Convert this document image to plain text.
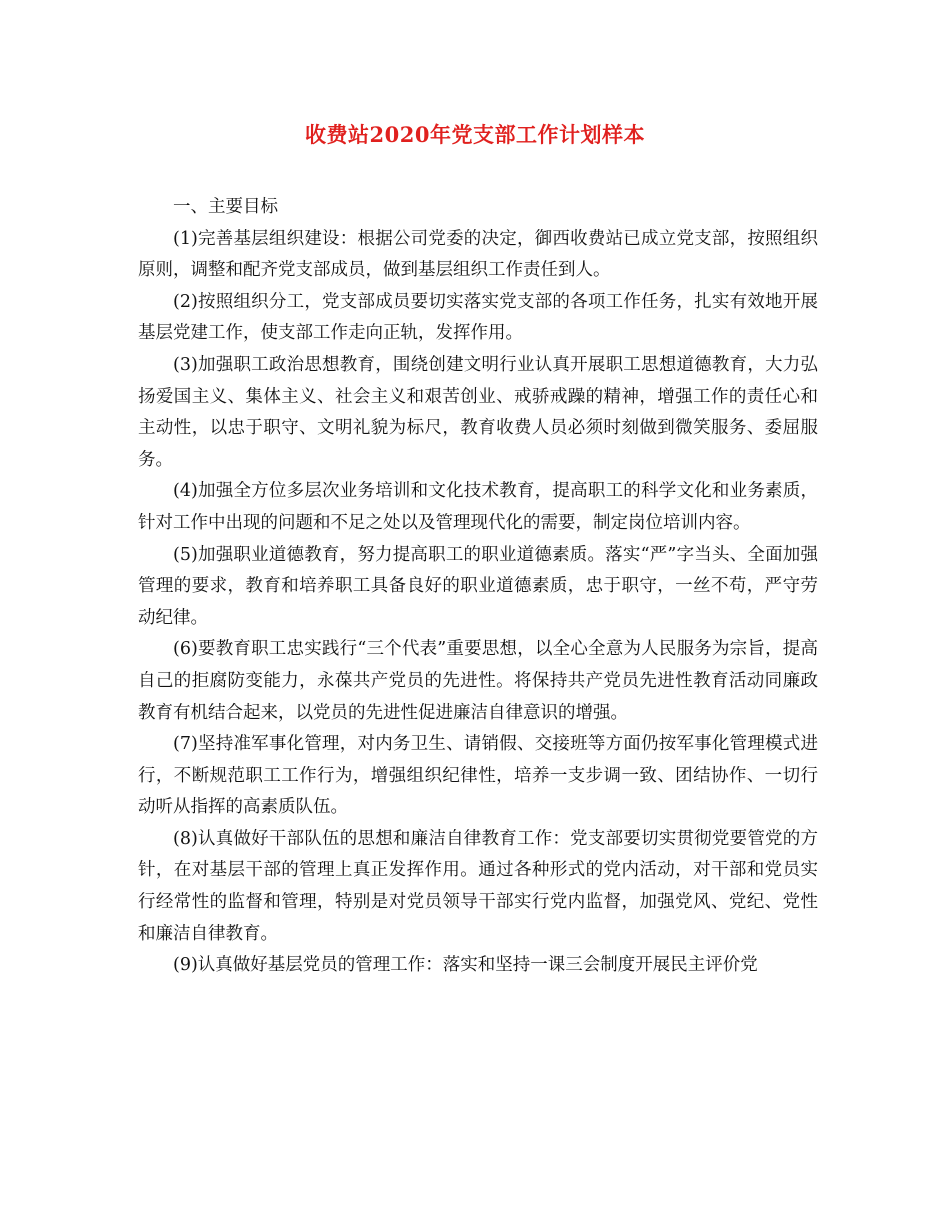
收费站2020年党支部工作计划样本

一、主要目标

(1)完善基层组织建设：根据公司党委的决定，御西收费站已成立党支部，按照组织原则，调整和配齐党支部成员，做到基层组织工作责任到人。

(2)按照组织分工，党支部成员要切实落实党支部的各项工作任务，扎实有效地开展基层党建工作，使支部工作走向正轨，发挥作用。

(3)加强职工政治思想教育，围绕创建文明行业认真开展职工思想道德教育，大力弘扬爱国主义、集体主义、社会主义和艰苦创业、戒骄戒躁的精神，增强工作的责任心和主动性，以忠于职守、文明礼貌为标尺，教育收费人员必须时刻做到微笑服务、委屈服务。

(4)加强全方位多层次业务培训和文化技术教育，提高职工的科学文化和业务素质，针对工作中出现的问题和不足之处以及管理现代化的需要，制定岗位培训内容。

(5)加强职业道德教育，努力提高职工的职业道德素质。落实“严”字当头、全面加强管理的要求，教育和培养职工具备良好的职业道德素质，忠于职守，一丝不苟，严守劳动纪律。

(6)要教育职工忠实践行“三个代表”重要思想，以全心全意为人民服务为宗旨，提高自己的拒腐防变能力，永葆共产党员的先进性。将保持共产党员先进性教育活动同廉政教育有机结合起来，以党员的先进性促进廉洁自律意识的增强。

(7)坚持准军事化管理，对内务卫生、请销假、交接班等方面仍按军事化管理模式进行，不断规范职工工作行为，增强组织纪律性，培养一支步调一致、团结协作、一切行动听从指挥的高素质队伍。

(8)认真做好干部队伍的思想和廉洁自律教育工作：党支部要切实贯彻党要管党的方针，在对基层干部的管理上真正发挥作用。通过各种形式的党内活动，对干部和党员实行经常性的监督和管理，特别是对党员领导干部实行党内监督，加强党风、党纪、党性和廉洁自律教育。

(9)认真做好基层党员的管理工作：落实和坚持一课三会制度开展民主评价党
